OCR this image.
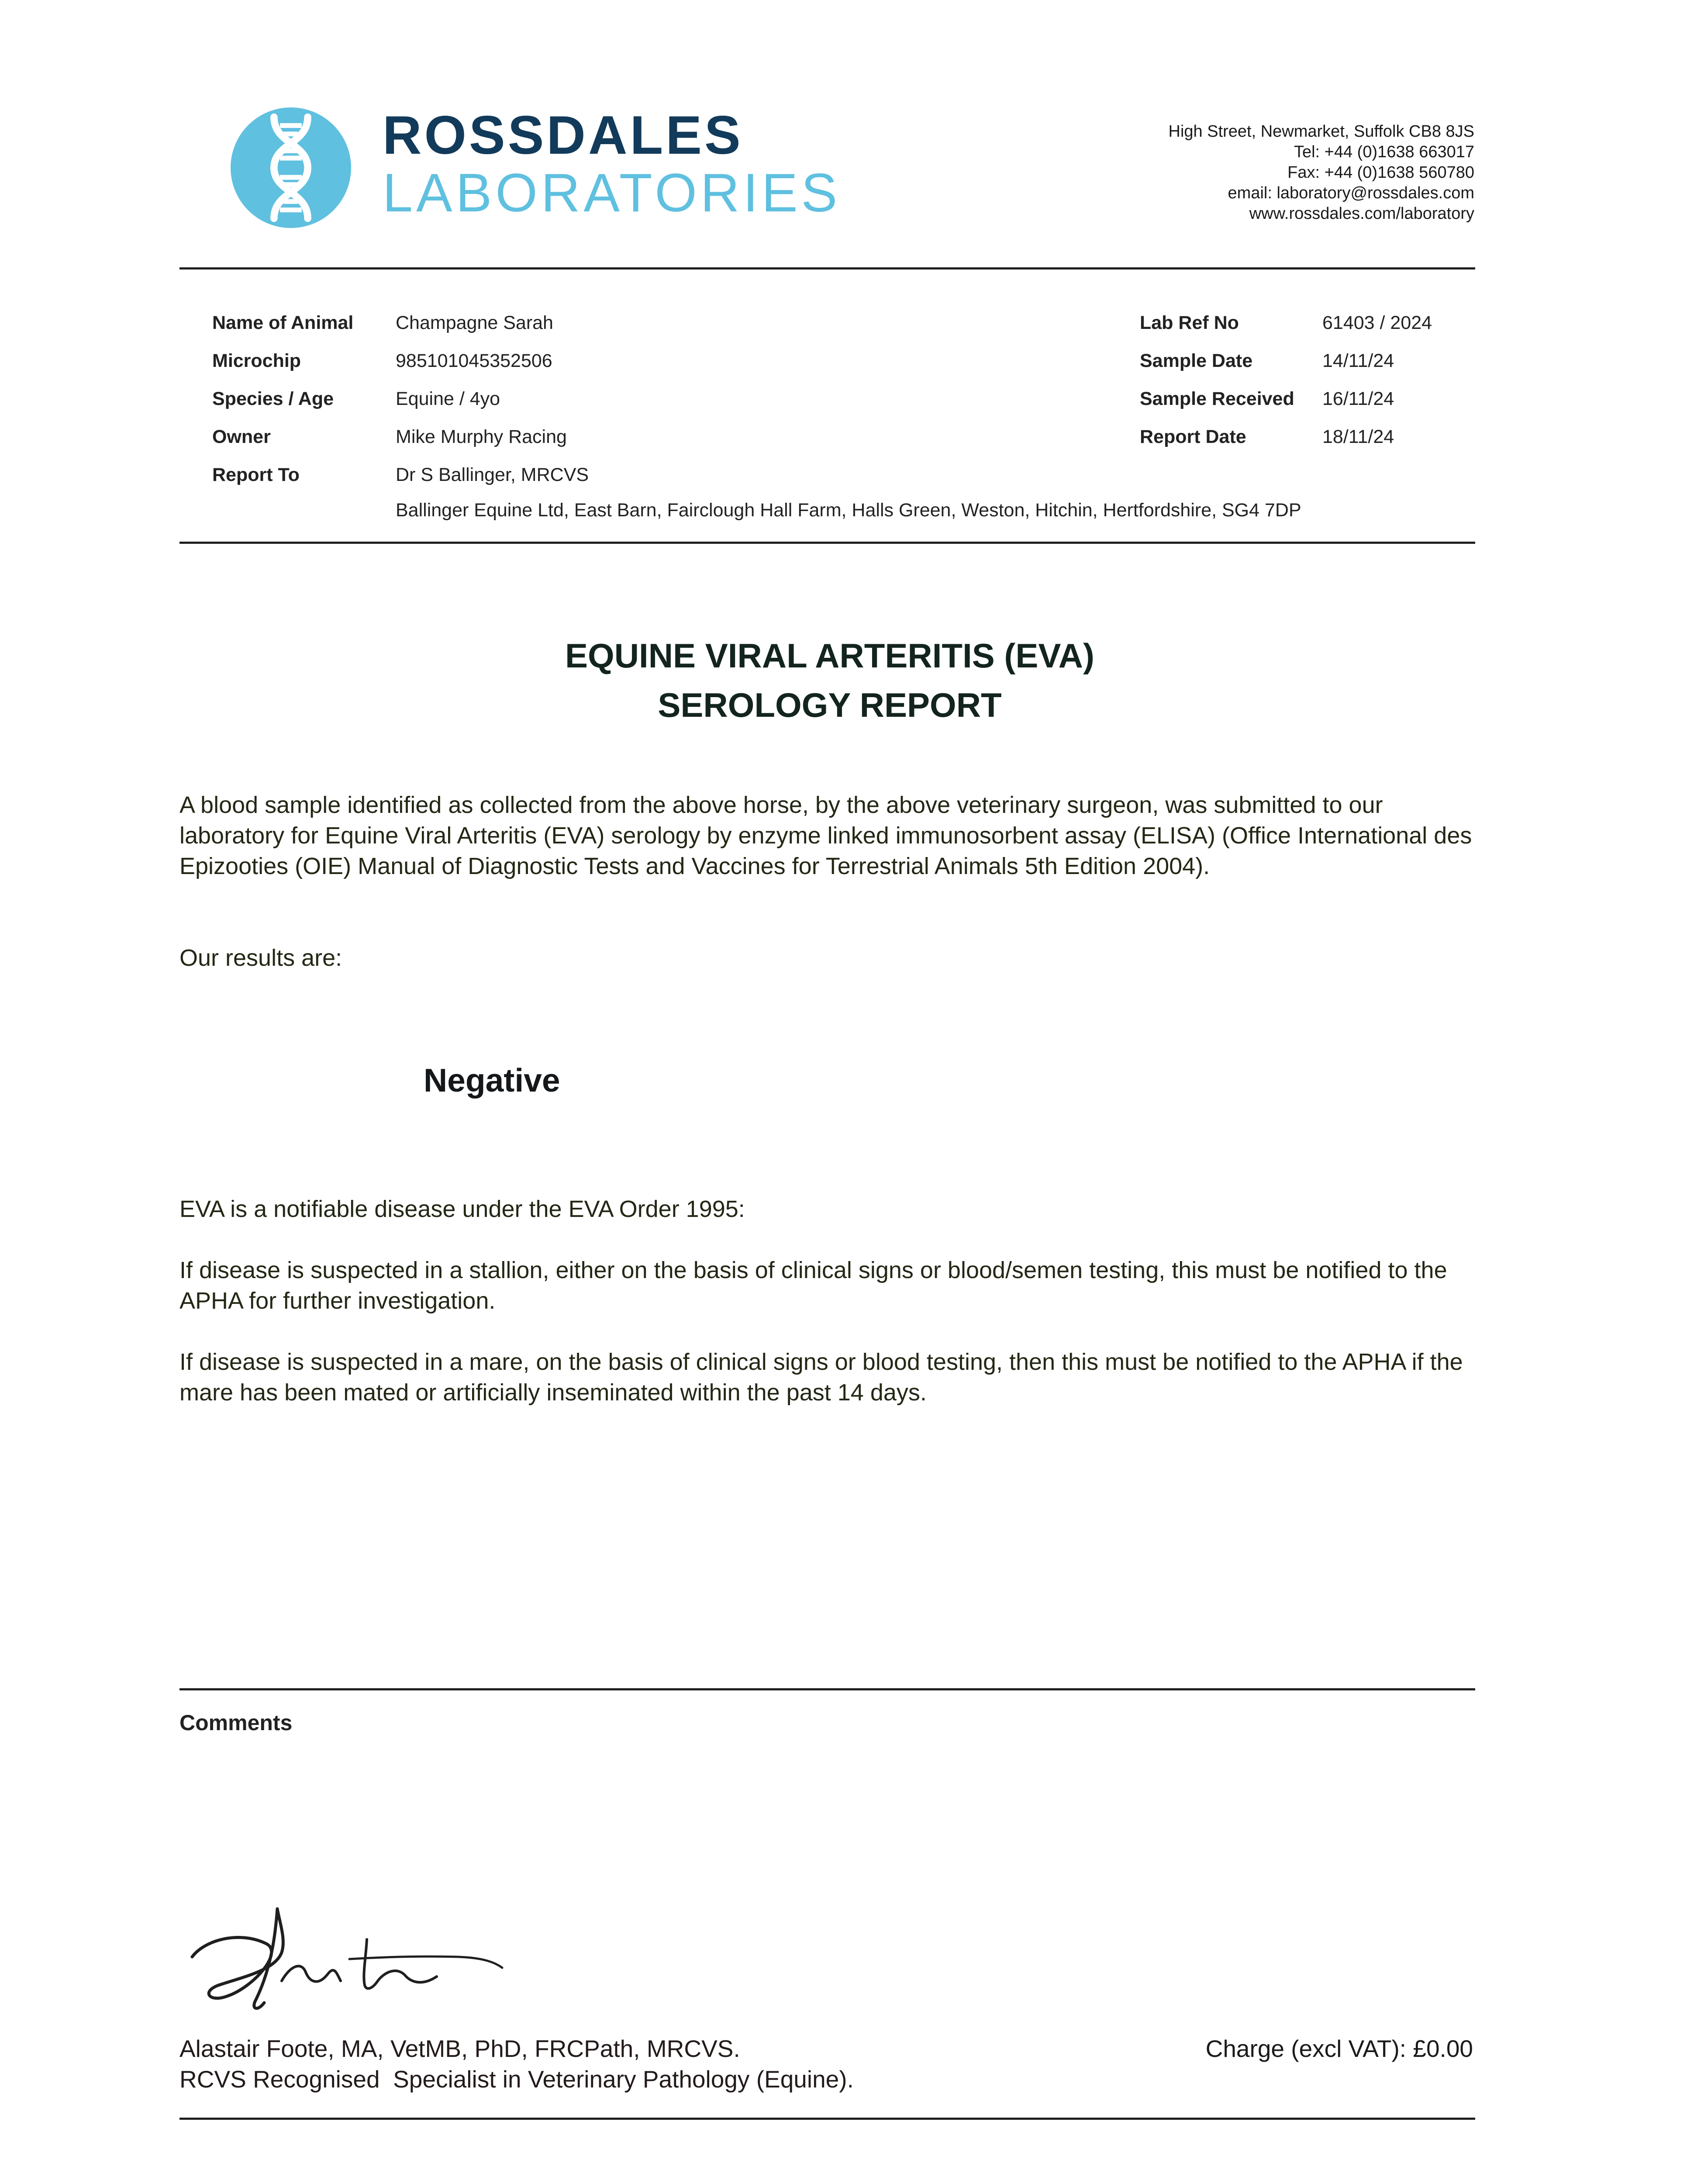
ROSSDALES
LABORATORIES
High Street, Newmarket, Suffolk CB8 8JS
Tel: +44 (0)1638 663017
Fax: +44 (0)1638 560780
email: laboratory@rossdales.com
www.rossdales.com/laboratory
Name of Animal Champagne Sarah
Microchip	985101045352506
Species / Age	Equine / 4yo
Owner	Mike Murphy Racing
Report To	Dr S Ballinger, MRCVS
Ballinger Equine Ltd, East Barn, Fairclough Hall Farm, Halls Green, Weston, Hitchin, Hertfordshire, SG4 7DP
Lab Ref No	61403 / 2024
Sample Date	14/11/24
Sample Received 16/11/24
Report Date	18/11/24
EQUINE VIRAL ARTERITIS (EVA)
SEROLOGY REPORT
A blood sample identified as collected from the above horse, by the above veterinary surgeon, was submitted to our laboratory for Equine Viral Arteritis (EVA) serology by enzyme linked immunosorbent assay (ELISA) (Office International des Epizooties (OIE) Manual of Diagnostic Tests and Vaccines for Terrestrial Animals 5th Edition 2004).
Our results are:
Negative
EVA is a notifiable disease under the EVA Order 1995:
If disease is suspected in a stallion, either on the basis of clinical signs or blood/semen testing, this must be notified to the APHA for further investigation.
If disease is suspected in a mare, on the basis of clinical signs or blood testing, then this must be notified to the APHA if the mare has been mated or artificially inseminated within the past 14 days.
Comments
Alastair Foote, MA, VetMB, PhD, FRCPath, MRCVS.
RCVS Recognised  Specialist in Veterinary Pathology (Equine).
Charge (excl VAT): £0.00
